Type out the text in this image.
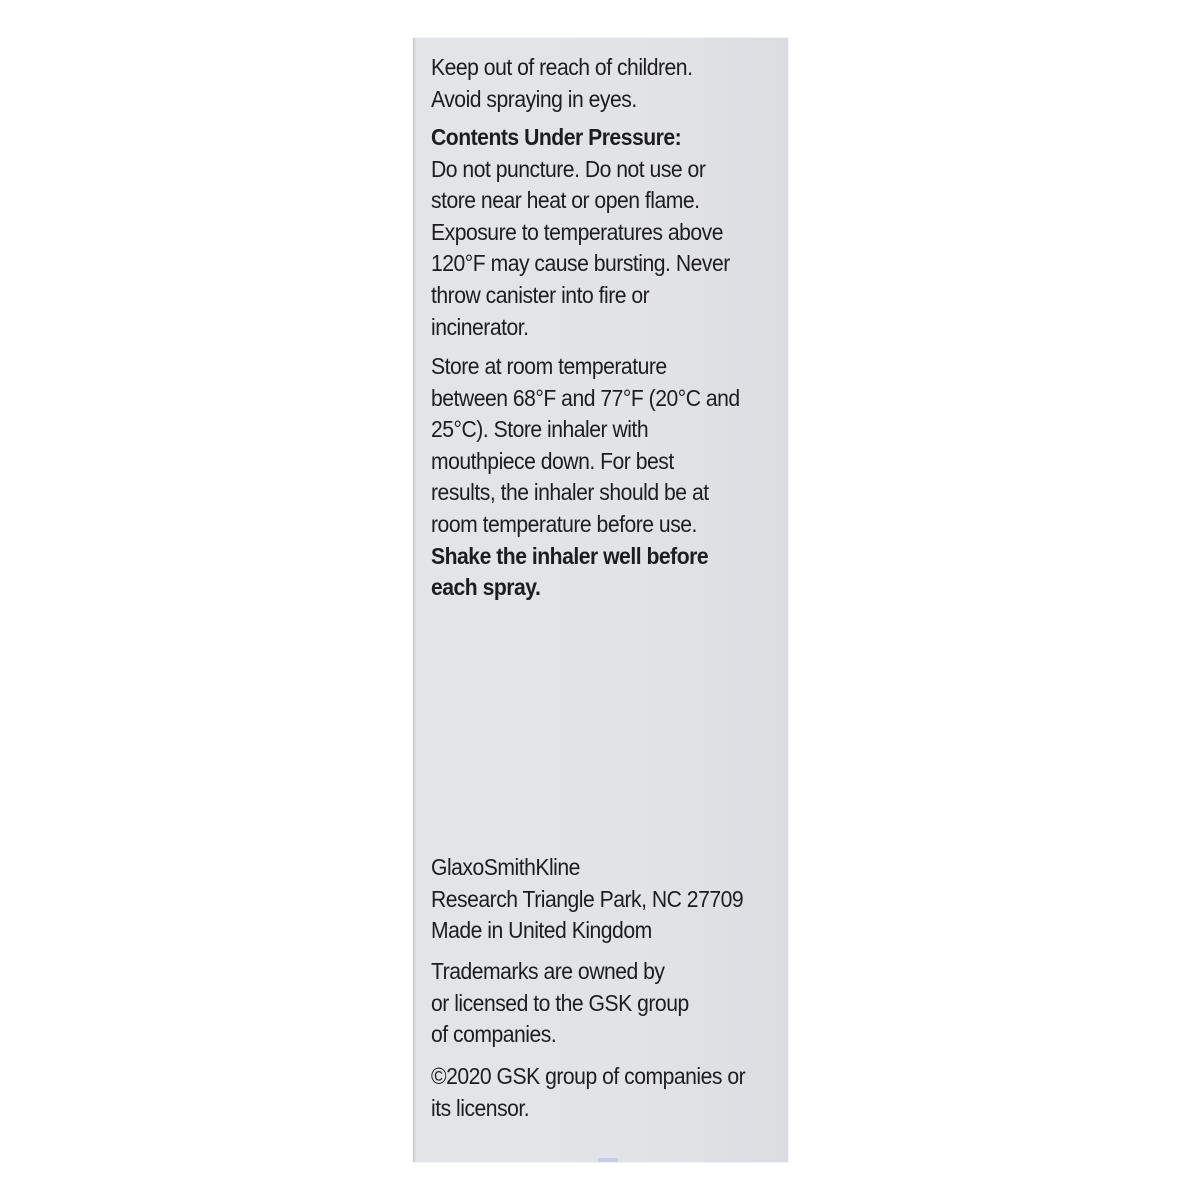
Keep out of reach of children.
Avoid spraying in eyes.
Contents Under Pressure:
Do not puncture. Do not use or
store near heat or open flame.
Exposure to temperatures above
120°F may cause bursting. Never
throw canister into fire or
incinerator.
Store at room temperature
between 68°F and 77°F (20°C and
25°C). Store inhaler with
mouthpiece down. For best
results, the inhaler should be at
room temperature before use.
Shake the inhaler well before
each spray.
GlaxoSmithKline
Research Triangle Park, NC 27709
Made in United Kingdom
Trademarks are owned by
or licensed to the GSK group
of companies.
©2020 GSK group of companies or
its licensor.
